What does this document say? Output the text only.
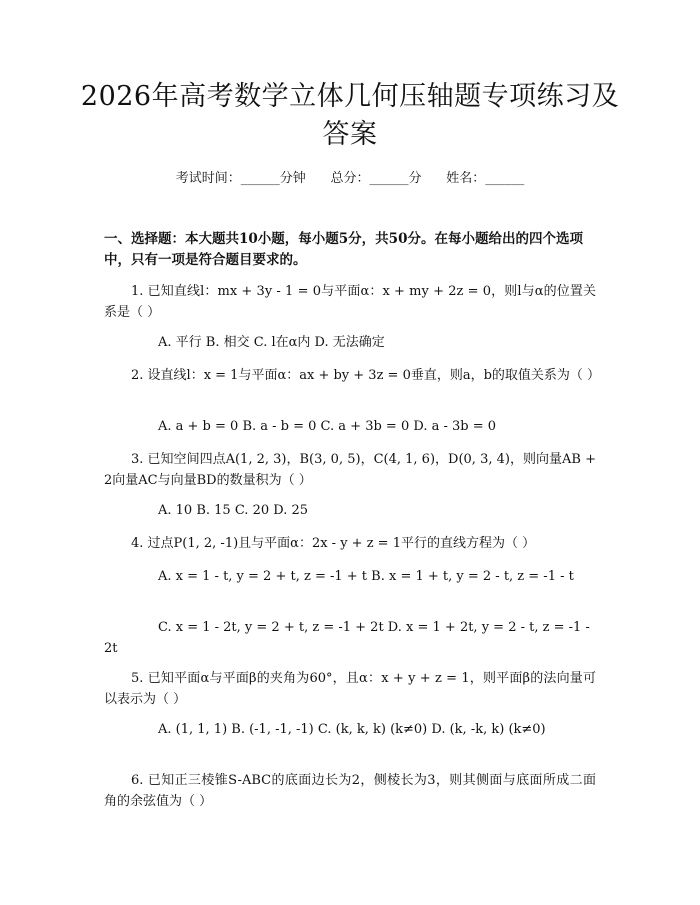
2026年高考数学立体几何压轴题专项练习及答案
考试时间：______分钟      总分：______分      姓名：______
一、选择题：本大题共10小题，每小题5分，共50分。在每小题给出的四个选项中，只有一项是符合题目要求的。
1. 已知直线l：mx + 3y - 1 = 0与平面α：x + my + 2z = 0，则l与α的位置关系是（ ）
A. 平行 B. 相交 C. l在α内 D. 无法确定
2. 设直线l：x = 1与平面α：ax + by + 3z = 0垂直，则a，b的取值关系为（ ）
A. a + b = 0 B. a - b = 0 C. a + 3b = 0 D. a - 3b = 0
3. 已知空间四点A(1, 2, 3)，B(3, 0, 5)，C(4, 1, 6)，D(0, 3, 4)，则向量AB + 2向量AC与向量BD的数量积为（ ）
A. 10 B. 15 C. 20 D. 25
4. 过点P(1, 2, -1)且与平面α：2x - y + z = 1平行的直线方程为（ ）
A. x = 1 - t, y = 2 + t, z = -1 + t B. x = 1 + t, y = 2 - t, z = -1 - t
C. x = 1 - 2t, y = 2 + t, z = -1 + 2t D. x = 1 + 2t, y = 2 - t, z = -1 - 2t
5. 已知平面α与平面β的夹角为60°，且α：x + y + z = 1，则平面β的法向量可以表示为（ ）
A. (1, 1, 1) B. (-1, -1, -1) C. (k, k, k) (k≠0) D. (k, -k, k) (k≠0)
6. 已知正三棱锥S-ABC的底面边长为2，侧棱长为3，则其侧面与底面所成二面角的余弦值为（ ）
